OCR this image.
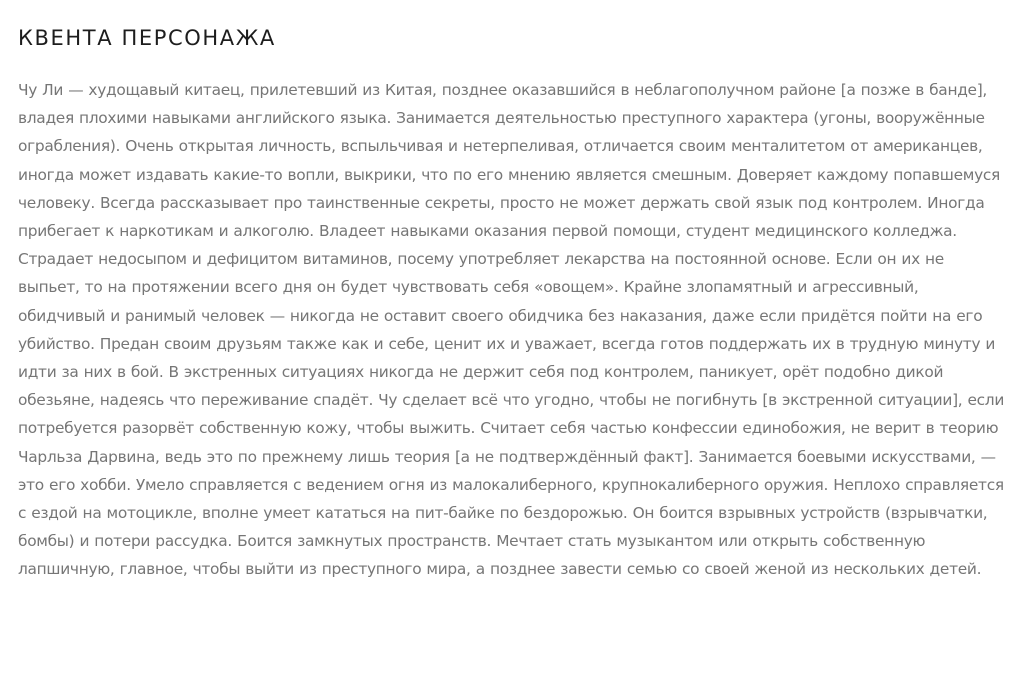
КВЕНТА ПЕРСОНАЖА

Чу Ли — худощавый китаец, прилетевший из Китая, позднее оказавшийся в неблагополучном районе [а позже в банде], владея плохими навыками английского языка. Занимается деятельностью преступного характера (угоны, вооружённые ограбления). Очень открытая личность, вспыльчивая и нетерпеливая, отличается своим менталитетом от американцев, иногда может издавать какие-то вопли, выкрики, что по его мнению является смешным. Доверяет каждому попавшемуся человеку. Всегда рассказывает про таинственные секреты, просто не может держать свой язык под контролем. Иногда прибегает к наркотикам и алкоголю. Владеет навыками оказания первой помощи, студент медицинского колледжа. Страдает недосыпом и дефицитом витаминов, посему употребляет лекарства на постоянной основе. Если он их не выпьет, то на протяжении всего дня он будет чувствовать себя «овощем». Крайне злопамятный и агрессивный, обидчивый и ранимый человек — никогда не оставит своего обидчика без наказания, даже если придётся пойти на его убийство. Предан своим друзьям также как и себе, ценит их и уважает, всегда готов поддержать их в трудную минуту и идти за них в бой. В экстренных ситуациях никогда не держит себя под контролем, паникует, орёт подобно дикой обезьяне, надеясь что переживание спадёт. Чу сделает всё что угодно, чтобы не погибнуть [в экстренной ситуации], если потребуется разорвёт собственную кожу, чтобы выжить. Считает себя частью конфессии единобожия, не верит в теорию Чарльза Дарвина, ведь это по прежнему лишь теория [а не подтверждённый факт]. Занимается боевыми искусствами, — это его хобби. Умело справляется с ведением огня из малокалиберного, крупнокалиберного оружия. Неплохо справляется с ездой на мотоцикле, вполне умеет кататься на пит-байке по бездорожью. Он боится взрывных устройств (взрывчатки, бомбы) и потери рассудка. Боится замкнутых пространств. Мечтает стать музыкантом или открыть собственную лапшичную, главное, чтобы выйти из преступного мира, а позднее завести семью со своей женой из нескольких детей.
